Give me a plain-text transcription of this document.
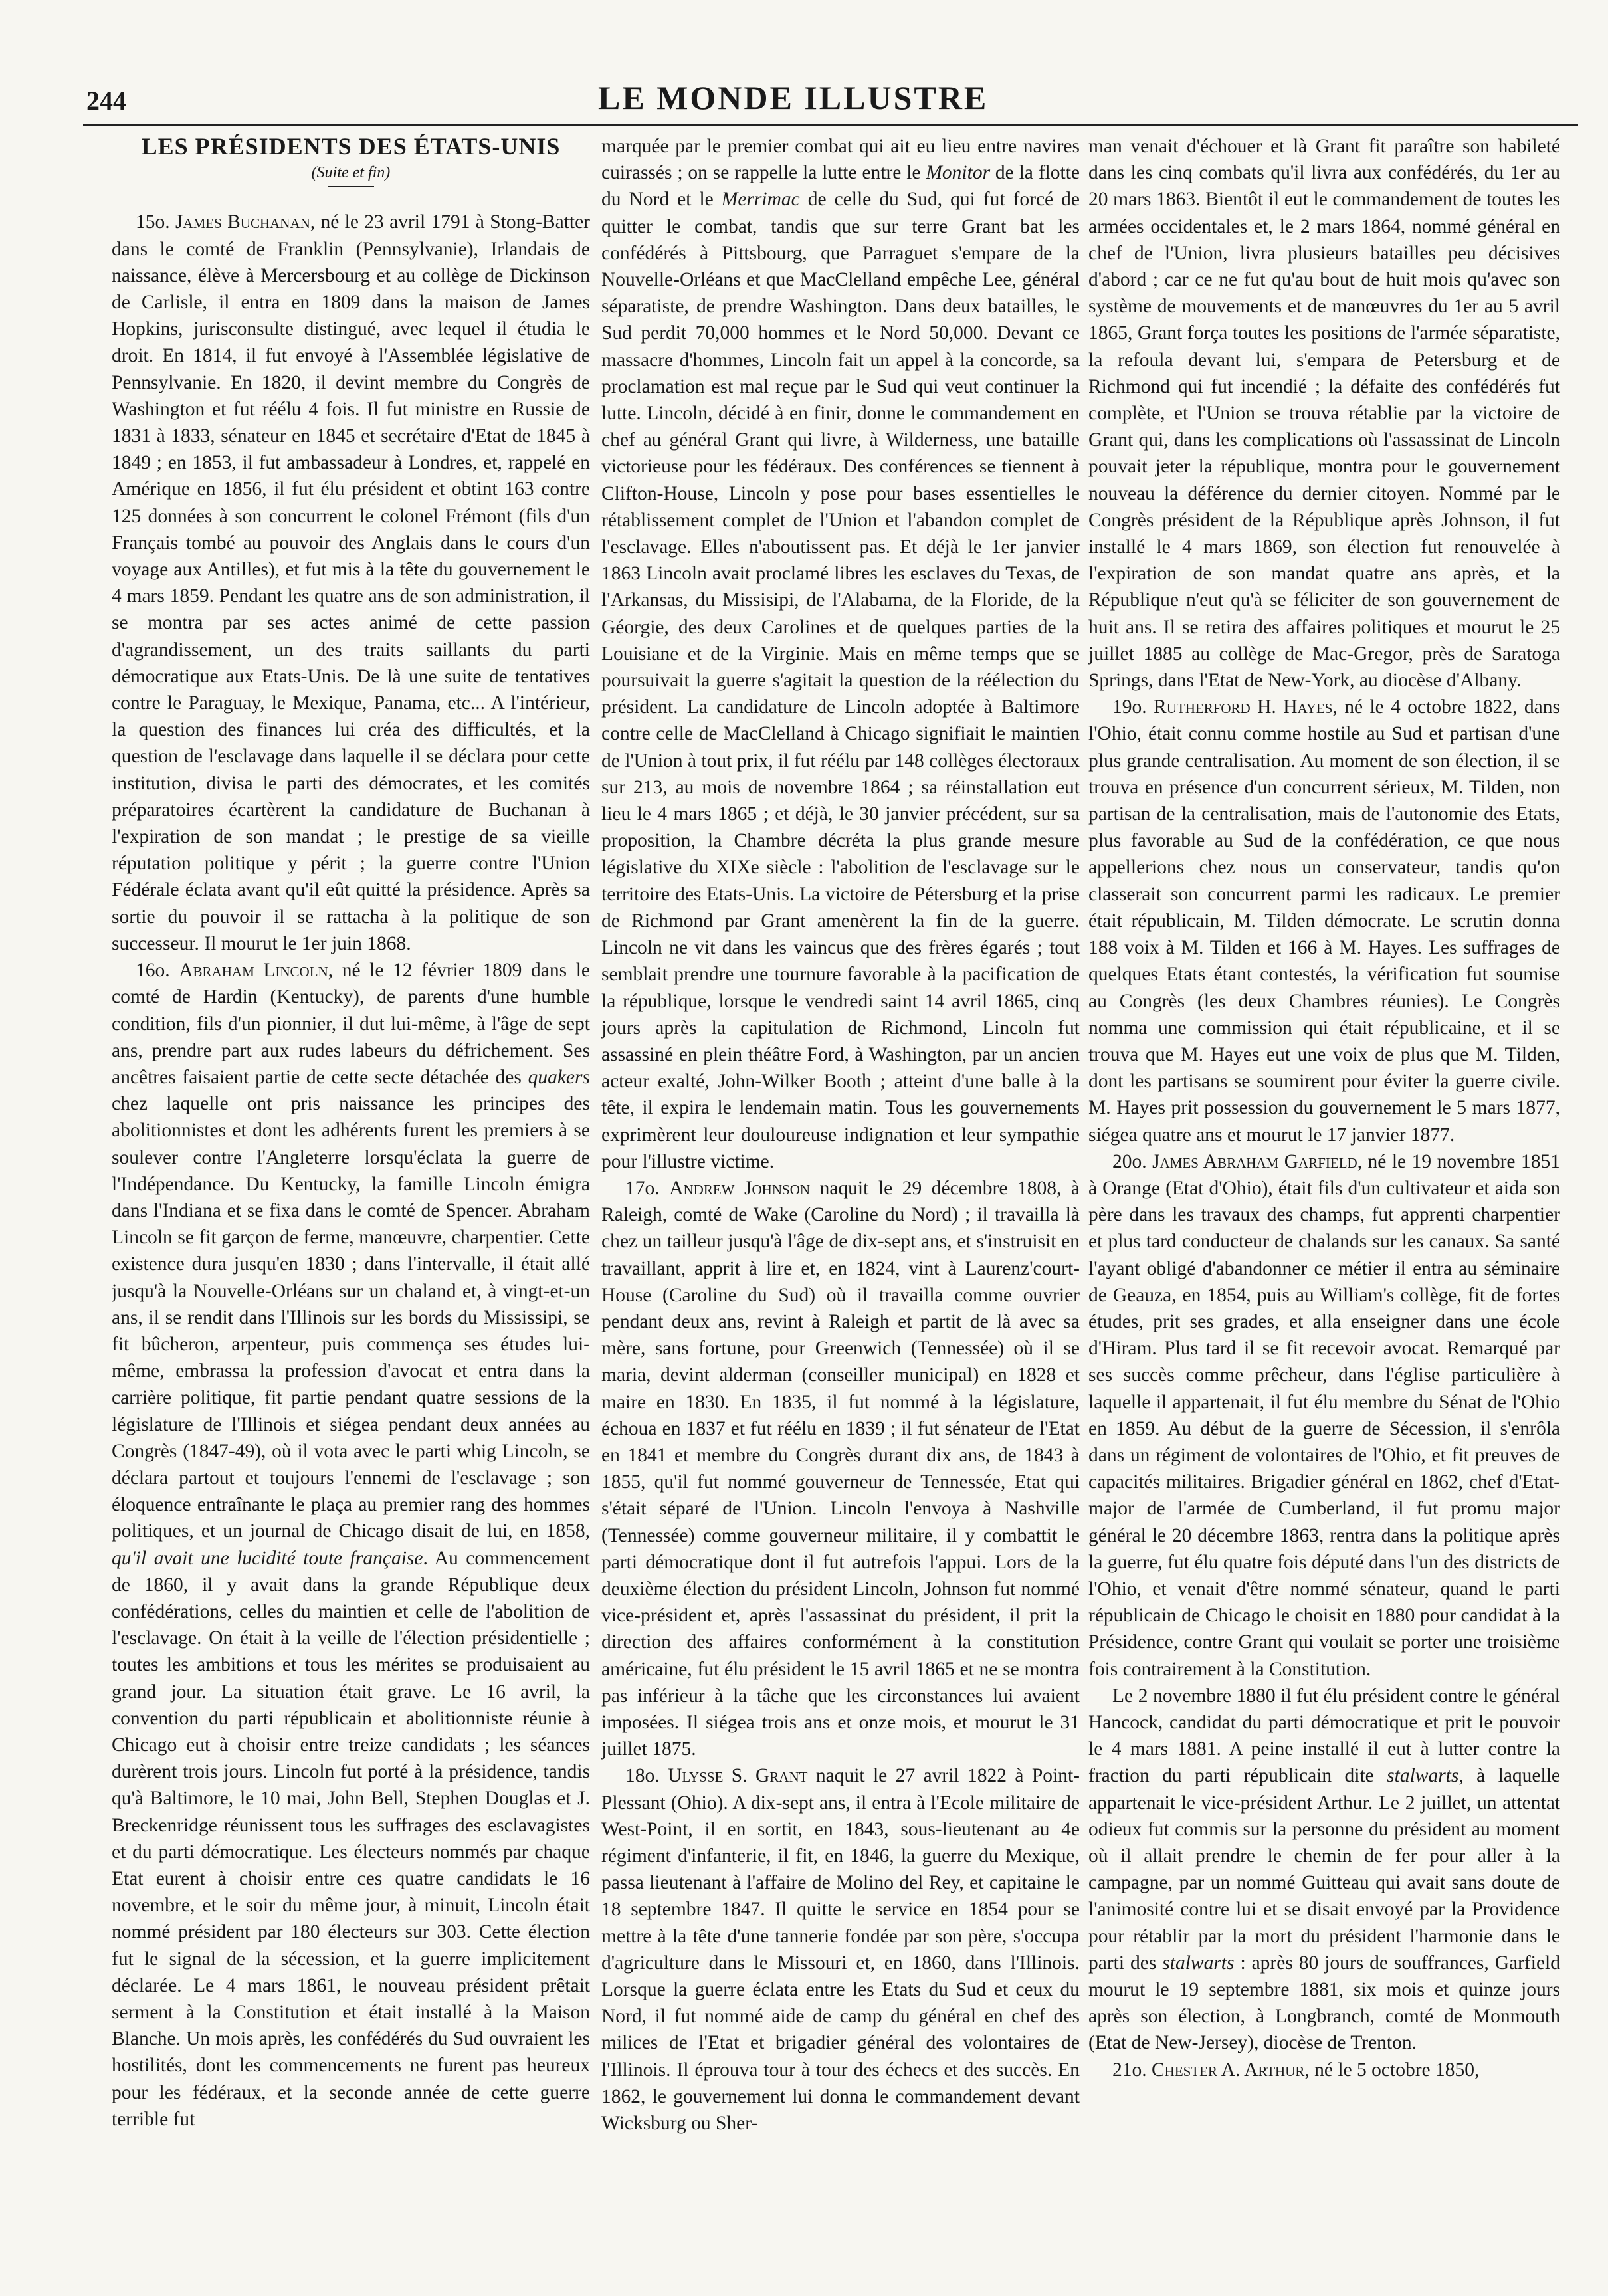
244	LE MONDE ILLUSTRE

LES PRÉSIDENTS DES ÉTATS-UNIS

(Suite et fin)

15o. James Buchanan, né le 23 avril 1791 à Stong-Batter dans le comté de Franklin (Pennsylvanie), Irlandais de naissance, élève à Mercersbourg et au collège de Dickinson de Carlisle, il entra en 1809 dans la maison de James Hopkins, jurisconsulte distingué, avec lequel il étudia le droit. En 1814, il fut envoyé à l'Assemblée législative de Pennsylvanie. En 1820, il devint membre du Congrès de Washington et fut réélu 4 fois. Il fut ministre en Russie de 1831 à 1833, sénateur en 1845 et secrétaire d'Etat de 1845 à 1849 ; en 1853, il fut ambassadeur à Londres, et, rappelé en Amérique en 1856, il fut élu président et obtint 163 contre 125 données à son concurrent le colonel Frémont (fils d'un Français tombé au pouvoir des Anglais dans le cours d'un voyage aux Antilles), et fut mis à la tête du gouvernement le 4 mars 1859. Pendant les quatre ans de son administration, il se montra par ses actes animé de cette passion d'agrandissement, un des traits saillants du parti démocratique aux Etats-Unis. De là une suite de tentatives contre le Paraguay, le Mexique, Panama, etc... A l'intérieur, la question des finances lui créa des difficultés, et la question de l'esclavage dans laquelle il se déclara pour cette institution, divisa le parti des démocrates, et les comités préparatoires écartèrent la candidature de Buchanan à l'expiration de son mandat ; le prestige de sa vieille réputation politique y périt ; la guerre contre l'Union Fédérale éclata avant qu'il eût quitté la présidence. Après sa sortie du pouvoir il se rattacha à la politique de son successeur. Il mourut le 1er juin 1868.

16o. Abraham Lincoln, né le 12 février 1809 dans le comté de Hardin (Kentucky), de parents d'une humble condition, fils d'un pionnier, il dut lui-même, à l'âge de sept ans, prendre part aux rudes labeurs du défrichement. Ses ancêtres faisaient partie de cette secte détachée des quakers chez laquelle ont pris naissance les principes des abolitionnistes et dont les adhérents furent les premiers à se soulever contre l'Angleterre lorsqu'éclata la guerre de l'Indépendance. Du Kentucky, la famille Lincoln émigra dans l'Indiana et se fixa dans le comté de Spencer. Abraham Lincoln se fit garçon de ferme, manœuvre, charpentier. Cette existence dura jusqu'en 1830 ; dans l'intervalle, il était allé jusqu'à la Nouvelle-Orléans sur un chaland et, à vingt-et-un ans, il se rendit dans l'Illinois sur les bords du Mississipi, se fit bûcheron, arpenteur, puis commença ses études lui-même, embrassa la profession d'avocat et entra dans la carrière politique, fit partie pendant quatre sessions de la législature de l'Illinois et siégea pendant deux années au Congrès (1847-49), où il vota avec le parti whig Lincoln, se déclara partout et toujours l'ennemi de l'esclavage ; son éloquence entraînante le plaça au premier rang des hommes politiques, et un journal de Chicago disait de lui, en 1858, qu'il avait une lucidité toute française. Au commencement de 1860, il y avait dans la grande République deux confédérations, celles du maintien et celle de l'abolition de l'esclavage. On était à la veille de l'élection présidentielle ; toutes les ambitions et tous les mérites se produisaient au grand jour. La situation était grave. Le 16 avril, la convention du parti républicain et abolitionniste réunie à Chicago eut à choisir entre treize candidats ; les séances durèrent trois jours. Lincoln fut porté à la présidence, tandis qu'à Baltimore, le 10 mai, John Bell, Stephen Douglas et J. Breckenridge réunissent tous les suffrages des esclavagistes et du parti démocratique. Les électeurs nommés par chaque Etat eurent à choisir entre ces quatre candidats le 16 novembre, et le soir du même jour, à minuit, Lincoln était nommé président par 180 électeurs sur 303. Cette élection fut le signal de la sécession, et la guerre implicitement déclarée. Le 4 mars 1861, le nouveau président prêtait serment à la Constitution et était installé à la Maison Blanche. Un mois après, les confédérés du Sud ouvraient les hostilités, dont les commencements ne furent pas heureux pour les fédéraux, et la seconde année de cette guerre terrible fut

marquée par le premier combat qui ait eu lieu entre navires cuirassés ; on se rappelle la lutte entre le Monitor de la flotte du Nord et le Merrimac de celle du Sud, qui fut forcé de quitter le combat, tandis que sur terre Grant bat les confédérés à Pittsbourg, que Parraguet s'empare de la Nouvelle-Orléans et que MacClelland empêche Lee, général séparatiste, de prendre Washington. Dans deux batailles, le Sud perdit 70,000 hommes et le Nord 50,000. Devant ce massacre d'hommes, Lincoln fait un appel à la concorde, sa proclamation est mal reçue par le Sud qui veut continuer la lutte. Lincoln, décidé à en finir, donne le commandement en chef au général Grant qui livre, à Wilderness, une bataille victorieuse pour les fédéraux. Des conférences se tiennent à Clifton-House, Lincoln y pose pour bases essentielles le rétablissement complet de l'Union et l'abandon complet de l'esclavage. Elles n'aboutissent pas. Et déjà le 1er janvier 1863 Lincoln avait proclamé libres les esclaves du Texas, de l'Arkansas, du Missisipi, de l'Alabama, de la Floride, de la Géorgie, des deux Carolines et de quelques parties de la Louisiane et de la Virginie. Mais en même temps que se poursuivait la guerre s'agitait la question de la réélection du président. La candidature de Lincoln adoptée à Baltimore contre celle de MacClelland à Chicago signifiait le maintien de l'Union à tout prix, il fut réélu par 148 collèges électoraux sur 213, au mois de novembre 1864 ; sa réinstallation eut lieu le 4 mars 1865 ; et déjà, le 30 janvier précédent, sur sa proposition, la Chambre décréta la plus grande mesure législative du XIXe siècle : l'abolition de l'esclavage sur le territoire des Etats-Unis. La victoire de Pétersburg et la prise de Richmond par Grant amenèrent la fin de la guerre. Lincoln ne vit dans les vaincus que des frères égarés ; tout semblait prendre une tournure favorable à la pacification de la république, lorsque le vendredi saint 14 avril 1865, cinq jours après la capitulation de Richmond, Lincoln fut assassiné en plein théâtre Ford, à Washington, par un ancien acteur exalté, John-Wilker Booth ; atteint d'une balle à la tête, il expira le lendemain matin. Tous les gouvernements exprimèrent leur douloureuse indignation et leur sympathie pour l'illustre victime.

17o. Andrew Johnson naquit le 29 décembre 1808, à Raleigh, comté de Wake (Caroline du Nord) ; il travailla là chez un tailleur jusqu'à l'âge de dix-sept ans, et s'instruisit en travaillant, apprit à lire et, en 1824, vint à Laurenz'court-House (Caroline du Sud) où il travailla comme ouvrier pendant deux ans, revint à Raleigh et partit de là avec sa mère, sans fortune, pour Greenwich (Tennessée) où il se maria, devint alderman (conseiller municipal) en 1828 et maire en 1830. En 1835, il fut nommé à la législature, échoua en 1837 et fut réélu en 1839 ; il fut sénateur de l'Etat en 1841 et membre du Congrès durant dix ans, de 1843 à 1855, qu'il fut nommé gouverneur de Tennessée, Etat qui s'était séparé de l'Union. Lincoln l'envoya à Nashville (Tennessée) comme gouverneur militaire, il y combattit le parti démocratique dont il fut autrefois l'appui. Lors de la deuxième élection du président Lincoln, Johnson fut nommé vice-président et, après l'assassinat du président, il prit la direction des affaires conformément à la constitution américaine, fut élu président le 15 avril 1865 et ne se montra pas inférieur à la tâche que les circonstances lui avaient imposées. Il siégea trois ans et onze mois, et mourut le 31 juillet 1875.

18o. Ulysse S. Grant naquit le 27 avril 1822 à Point-Plessant (Ohio). A dix-sept ans, il entra à l'Ecole militaire de West-Point, il en sortit, en 1843, sous-lieutenant au 4e régiment d'infanterie, il fit, en 1846, la guerre du Mexique, passa lieutenant à l'affaire de Molino del Rey, et capitaine le 18 septembre 1847. Il quitte le service en 1854 pour se mettre à la tête d'une tannerie fondée par son père, s'occupa d'agriculture dans le Missouri et, en 1860, dans l'Illinois. Lorsque la guerre éclata entre les Etats du Sud et ceux du Nord, il fut nommé aide de camp du général en chef des milices de l'Etat et brigadier général des volontaires de l'Illinois. Il éprouva tour à tour des échecs et des succès. En 1862, le gouvernement lui donna le commandement devant Wicksburg ou Sher-

man venait d'échouer et là Grant fit paraître son habileté dans les cinq combats qu'il livra aux confédérés, du 1er au 20 mars 1863. Bientôt il eut le commandement de toutes les armées occidentales et, le 2 mars 1864, nommé général en chef de l'Union, livra plusieurs batailles peu décisives d'abord ; car ce ne fut qu'au bout de huit mois qu'avec son système de mouvements et de manœuvres du 1er au 5 avril 1865, Grant força toutes les positions de l'armée séparatiste, la refoula devant lui, s'empara de Petersburg et de Richmond qui fut incendié ; la défaite des confédérés fut complète, et l'Union se trouva rétablie par la victoire de Grant qui, dans les complications où l'assassinat de Lincoln pouvait jeter la république, montra pour le gouvernement nouveau la déférence du dernier citoyen. Nommé par le Congrès président de la République après Johnson, il fut installé le 4 mars 1869, son élection fut renouvelée à l'expiration de son mandat quatre ans après, et la République n'eut qu'à se féliciter de son gouvernement de huit ans. Il se retira des affaires politiques et mourut le 25 juillet 1885 au collège de Mac-Gregor, près de Saratoga Springs, dans l'Etat de New-York, au diocèse d'Albany.

19o. Rutherford H. Hayes, né le 4 octobre 1822, dans l'Ohio, était connu comme hostile au Sud et partisan d'une plus grande centralisation. Au moment de son élection, il se trouva en présence d'un concurrent sérieux, M. Tilden, non partisan de la centralisation, mais de l'autonomie des Etats, plus favorable au Sud de la confédération, ce que nous appellerions chez nous un conservateur, tandis qu'on classerait son concurrent parmi les radicaux. Le premier était républicain, M. Tilden démocrate. Le scrutin donna 188 voix à M. Tilden et 166 à M. Hayes. Les suffrages de quelques Etats étant contestés, la vérification fut soumise au Congrès (les deux Chambres réunies). Le Congrès nomma une commission qui était républicaine, et il se trouva que M. Hayes eut une voix de plus que M. Tilden, dont les partisans se soumirent pour éviter la guerre civile. M. Hayes prit possession du gouvernement le 5 mars 1877, siégea quatre ans et mourut le 17 janvier 1877.

20o. James Abraham Garfield, né le 19 novembre 1851 à Orange (Etat d'Ohio), était fils d'un cultivateur et aida son père dans les travaux des champs, fut apprenti charpentier et plus tard conducteur de chalands sur les canaux. Sa santé l'ayant obligé d'abandonner ce métier il entra au séminaire de Geauza, en 1854, puis au William's collège, fit de fortes études, prit ses grades, et alla enseigner dans une école d'Hiram. Plus tard il se fit recevoir avocat. Remarqué par ses succès comme prêcheur, dans l'église particulière à laquelle il appartenait, il fut élu membre du Sénat de l'Ohio en 1859. Au début de la guerre de Sécession, il s'enrôla dans un régiment de volontaires de l'Ohio, et fit preuves de capacités militaires. Brigadier général en 1862, chef d'Etat-major de l'armée de Cumberland, il fut promu major général le 20 décembre 1863, rentra dans la politique après la guerre, fut élu quatre fois député dans l'un des districts de l'Ohio, et venait d'être nommé sénateur, quand le parti républicain de Chicago le choisit en 1880 pour candidat à la Présidence, contre Grant qui voulait se porter une troisième fois contrairement à la Constitution.

Le 2 novembre 1880 il fut élu président contre le général Hancock, candidat du parti démocratique et prit le pouvoir le 4 mars 1881. A peine installé il eut à lutter contre la fraction du parti républicain dite stalwarts, à laquelle appartenait le vice-président Arthur. Le 2 juillet, un attentat odieux fut commis sur la personne du président au moment où il allait prendre le chemin de fer pour aller à la campagne, par un nommé Guitteau qui avait sans doute de l'animosité contre lui et se disait envoyé par la Providence pour rétablir par la mort du président l'harmonie dans le parti des stalwarts : après 80 jours de souffrances, Garfield mourut le 19 septembre 1881, six mois et quinze jours après son élection, à Longbranch, comté de Monmouth (Etat de New-Jersey), diocèse de Trenton.

21o. Chester A. Arthur, né le 5 octobre 1850,
